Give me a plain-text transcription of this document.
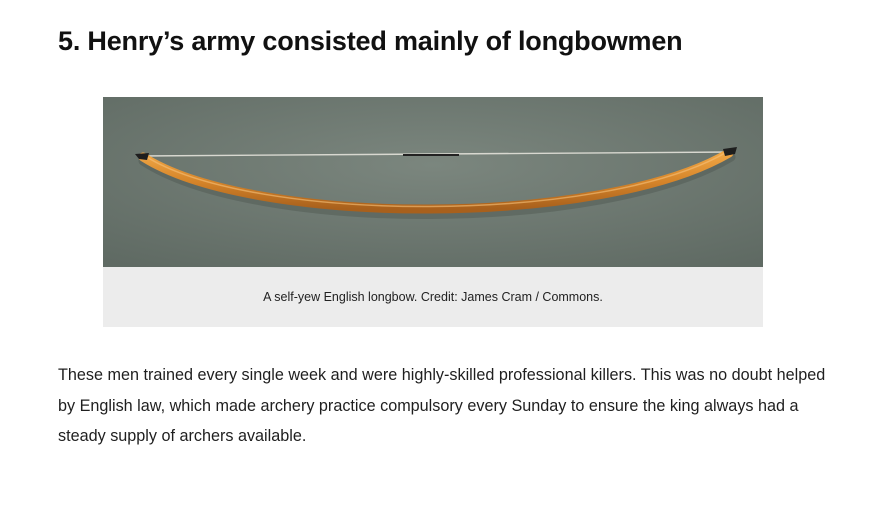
5. Henry’s army consisted mainly of longbowmen
A self-yew English longbow. Credit: James Cram / Commons.

These men trained every single week and were highly-skilled professional killers. This was no doubt helped by English law, which made archery practice compulsory every Sunday to ensure the king always had a steady supply of archers available.
